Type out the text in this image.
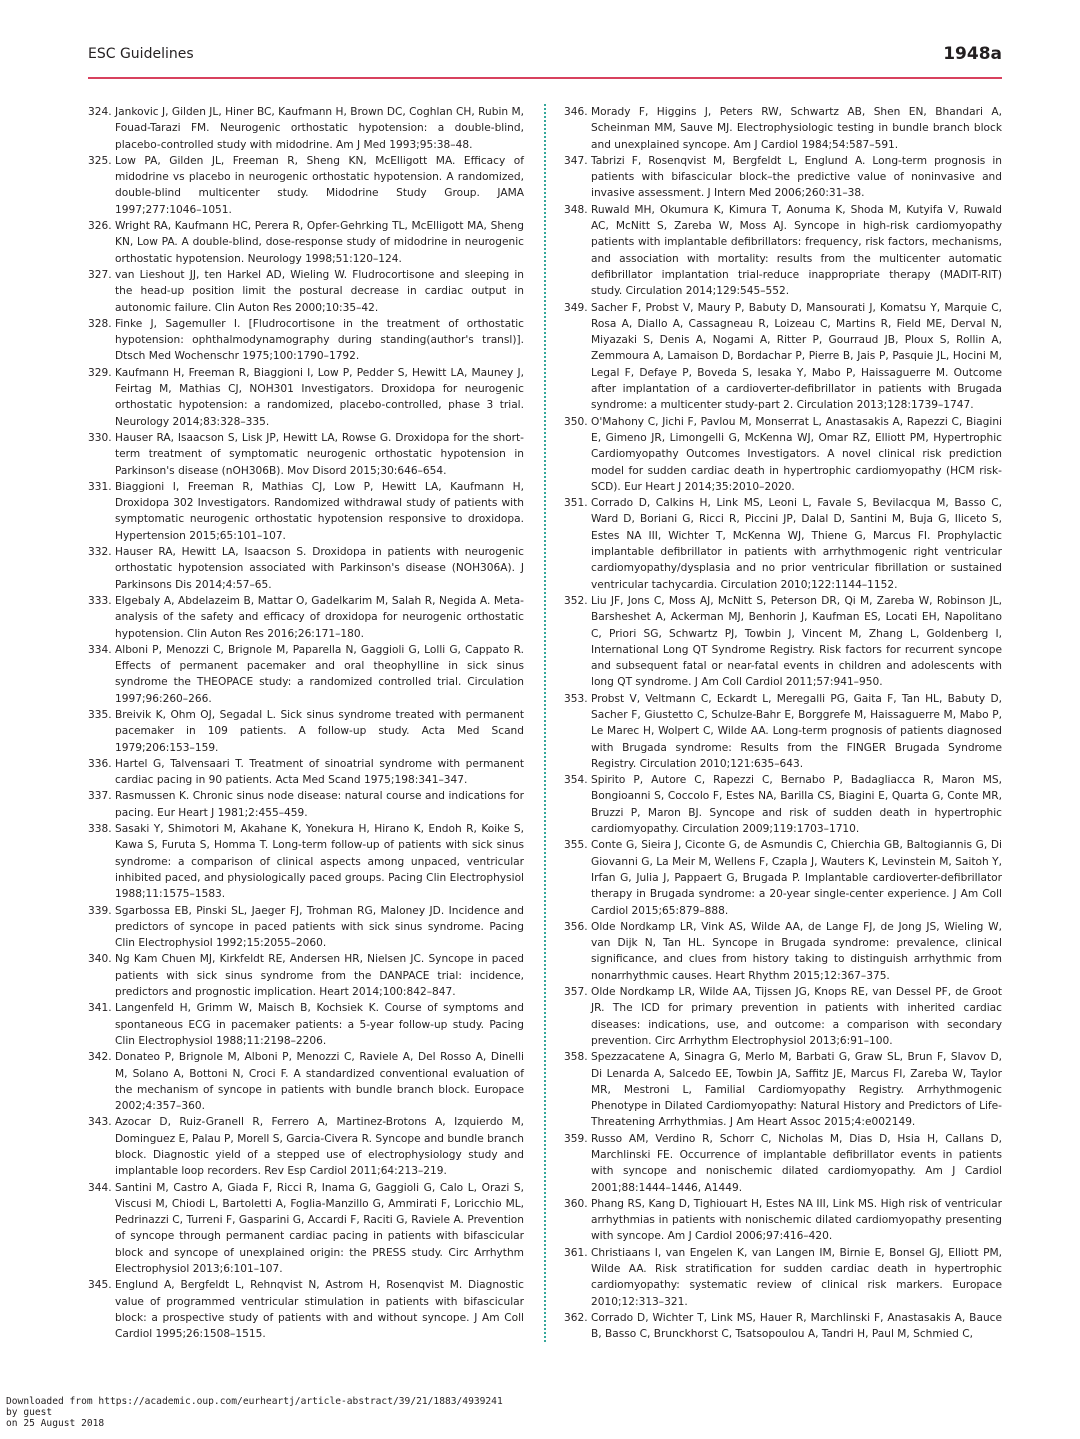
ESC Guidelines	1948a
324. Jankovic J, Gilden JL, Hiner BC, Kaufmann H, Brown DC, Coghlan CH, Rubin M, Fouad-Tarazi FM. Neurogenic orthostatic hypotension: a double-blind, placebo-controlled study with midodrine. Am J Med 1993;95:38–48.
325. Low PA, Gilden JL, Freeman R, Sheng KN, McElligott MA. Efficacy of midodrine vs placebo in neurogenic orthostatic hypotension. A randomized, double-blind multicenter study. Midodrine Study Group. JAMA 1997;277:1046–1051.
326. Wright RA, Kaufmann HC, Perera R, Opfer-Gehrking TL, McElligott MA, Sheng KN, Low PA. A double-blind, dose-response study of midodrine in neurogenic orthostatic hypotension. Neurology 1998;51:120–124.
327. van Lieshout JJ, ten Harkel AD, Wieling W. Fludrocortisone and sleeping in the head-up position limit the postural decrease in cardiac output in autonomic failure. Clin Auton Res 2000;10:35–42.
328. Finke J, Sagemuller I. [Fludrocortisone in the treatment of orthostatic hypotension: ophthalmodynamography during standing(author's transl)]. Dtsch Med Wochenschr 1975;100:1790–1792.
329. Kaufmann H, Freeman R, Biaggioni I, Low P, Pedder S, Hewitt LA, Mauney J, Feirtag M, Mathias CJ, NOH301 Investigators. Droxidopa for neurogenic orthostatic hypotension: a randomized, placebo-controlled, phase 3 trial. Neurology 2014;83:328–335.
330. Hauser RA, Isaacson S, Lisk JP, Hewitt LA, Rowse G. Droxidopa for the short-term treatment of symptomatic neurogenic orthostatic hypotension in Parkinson's disease (nOH306B). Mov Disord 2015;30:646–654.
331. Biaggioni I, Freeman R, Mathias CJ, Low P, Hewitt LA, Kaufmann H, Droxidopa 302 Investigators. Randomized withdrawal study of patients with symptomatic neurogenic orthostatic hypotension responsive to droxidopa. Hypertension 2015;65:101–107.
332. Hauser RA, Hewitt LA, Isaacson S. Droxidopa in patients with neurogenic orthostatic hypotension associated with Parkinson's disease (NOH306A). J Parkinsons Dis 2014;4:57–65.
333. Elgebaly A, Abdelazeim B, Mattar O, Gadelkarim M, Salah R, Negida A. Meta-analysis of the safety and efficacy of droxidopa for neurogenic orthostatic hypotension. Clin Auton Res 2016;26:171–180.
334. Alboni P, Menozzi C, Brignole M, Paparella N, Gaggioli G, Lolli G, Cappato R. Effects of permanent pacemaker and oral theophylline in sick sinus syndrome the THEOPACE study: a randomized controlled trial. Circulation 1997;96:260–266.
335. Breivik K, Ohm OJ, Segadal L. Sick sinus syndrome treated with permanent pacemaker in 109 patients. A follow-up study. Acta Med Scand 1979;206:153–159.
336. Hartel G, Talvensaari T. Treatment of sinoatrial syndrome with permanent cardiac pacing in 90 patients. Acta Med Scand 1975;198:341–347.
337. Rasmussen K. Chronic sinus node disease: natural course and indications for pacing. Eur Heart J 1981;2:455–459.
338. Sasaki Y, Shimotori M, Akahane K, Yonekura H, Hirano K, Endoh R, Koike S, Kawa S, Furuta S, Homma T. Long-term follow-up of patients with sick sinus syndrome: a comparison of clinical aspects among unpaced, ventricular inhibited paced, and physiologically paced groups. Pacing Clin Electrophysiol 1988;11:1575–1583.
339. Sgarbossa EB, Pinski SL, Jaeger FJ, Trohman RG, Maloney JD. Incidence and predictors of syncope in paced patients with sick sinus syndrome. Pacing Clin Electrophysiol 1992;15:2055–2060.
340. Ng Kam Chuen MJ, Kirkfeldt RE, Andersen HR, Nielsen JC. Syncope in paced patients with sick sinus syndrome from the DANPACE trial: incidence, predictors and prognostic implication. Heart 2014;100:842–847.
341. Langenfeld H, Grimm W, Maisch B, Kochsiek K. Course of symptoms and spontaneous ECG in pacemaker patients: a 5-year follow-up study. Pacing Clin Electrophysiol 1988;11:2198–2206.
342. Donateo P, Brignole M, Alboni P, Menozzi C, Raviele A, Del Rosso A, Dinelli M, Solano A, Bottoni N, Croci F. A standardized conventional evaluation of the mechanism of syncope in patients with bundle branch block. Europace 2002;4:357–360.
343. Azocar D, Ruiz-Granell R, Ferrero A, Martinez-Brotons A, Izquierdo M, Dominguez E, Palau P, Morell S, Garcia-Civera R. Syncope and bundle branch block. Diagnostic yield of a stepped use of electrophysiology study and implantable loop recorders. Rev Esp Cardiol 2011;64:213–219.
344. Santini M, Castro A, Giada F, Ricci R, Inama G, Gaggioli G, Calo L, Orazi S, Viscusi M, Chiodi L, Bartoletti A, Foglia-Manzillo G, Ammirati F, Loricchio ML, Pedrinazzi C, Turreni F, Gasparini G, Accardi F, Raciti G, Raviele A. Prevention of syncope through permanent cardiac pacing in patients with bifascicular block and syncope of unexplained origin: the PRESS study. Circ Arrhythm Electrophysiol 2013;6:101–107.
345. Englund A, Bergfeldt L, Rehnqvist N, Astrom H, Rosenqvist M. Diagnostic value of programmed ventricular stimulation in patients with bifascicular block: a prospective study of patients with and without syncope. J Am Coll Cardiol 1995;26:1508–1515.
346. Morady F, Higgins J, Peters RW, Schwartz AB, Shen EN, Bhandari A, Scheinman MM, Sauve MJ. Electrophysiologic testing in bundle branch block and unexplained syncope. Am J Cardiol 1984;54:587–591.
347. Tabrizi F, Rosenqvist M, Bergfeldt L, Englund A. Long-term prognosis in patients with bifascicular block–the predictive value of noninvasive and invasive assessment. J Intern Med 2006;260:31–38.
348. Ruwald MH, Okumura K, Kimura T, Aonuma K, Shoda M, Kutyifa V, Ruwald AC, McNitt S, Zareba W, Moss AJ. Syncope in high-risk cardiomyopathy patients with implantable defibrillators: frequency, risk factors, mechanisms, and association with mortality: results from the multicenter automatic defibrillator implantation trial-reduce inappropriate therapy (MADIT-RIT) study. Circulation 2014;129:545–552.
349. Sacher F, Probst V, Maury P, Babuty D, Mansourati J, Komatsu Y, Marquie C, Rosa A, Diallo A, Cassagneau R, Loizeau C, Martins R, Field ME, Derval N, Miyazaki S, Denis A, Nogami A, Ritter P, Gourraud JB, Ploux S, Rollin A, Zemmoura A, Lamaison D, Bordachar P, Pierre B, Jais P, Pasquie JL, Hocini M, Legal F, Defaye P, Boveda S, Iesaka Y, Mabo P, Haissaguerre M. Outcome after implantation of a cardioverter-defibrillator in patients with Brugada syndrome: a multicenter study-part 2. Circulation 2013;128:1739–1747.
350. O'Mahony C, Jichi F, Pavlou M, Monserrat L, Anastasakis A, Rapezzi C, Biagini E, Gimeno JR, Limongelli G, McKenna WJ, Omar RZ, Elliott PM, Hypertrophic Cardiomyopathy Outcomes Investigators. A novel clinical risk prediction model for sudden cardiac death in hypertrophic cardiomyopathy (HCM risk-SCD). Eur Heart J 2014;35:2010–2020.
351. Corrado D, Calkins H, Link MS, Leoni L, Favale S, Bevilacqua M, Basso C, Ward D, Boriani G, Ricci R, Piccini JP, Dalal D, Santini M, Buja G, Iliceto S, Estes NA III, Wichter T, McKenna WJ, Thiene G, Marcus FI. Prophylactic implantable defibrillator in patients with arrhythmogenic right ventricular cardiomyopathy/dysplasia and no prior ventricular fibrillation or sustained ventricular tachycardia. Circulation 2010;122:1144–1152.
352. Liu JF, Jons C, Moss AJ, McNitt S, Peterson DR, Qi M, Zareba W, Robinson JL, Barsheshet A, Ackerman MJ, Benhorin J, Kaufman ES, Locati EH, Napolitano C, Priori SG, Schwartz PJ, Towbin J, Vincent M, Zhang L, Goldenberg I, International Long QT Syndrome Registry. Risk factors for recurrent syncope and subsequent fatal or near-fatal events in children and adolescents with long QT syndrome. J Am Coll Cardiol 2011;57:941–950.
353. Probst V, Veltmann C, Eckardt L, Meregalli PG, Gaita F, Tan HL, Babuty D, Sacher F, Giustetto C, Schulze-Bahr E, Borggrefe M, Haissaguerre M, Mabo P, Le Marec H, Wolpert C, Wilde AA. Long-term prognosis of patients diagnosed with Brugada syndrome: Results from the FINGER Brugada Syndrome Registry. Circulation 2010;121:635–643.
354. Spirito P, Autore C, Rapezzi C, Bernabo P, Badagliacca R, Maron MS, Bongioanni S, Coccolo F, Estes NA, Barilla CS, Biagini E, Quarta G, Conte MR, Bruzzi P, Maron BJ. Syncope and risk of sudden death in hypertrophic cardiomyopathy. Circulation 2009;119:1703–1710.
355. Conte G, Sieira J, Ciconte G, de Asmundis C, Chierchia GB, Baltogiannis G, Di Giovanni G, La Meir M, Wellens F, Czapla J, Wauters K, Levinstein M, Saitoh Y, Irfan G, Julia J, Pappaert G, Brugada P. Implantable cardioverter-defibrillator therapy in Brugada syndrome: a 20-year single-center experience. J Am Coll Cardiol 2015;65:879–888.
356. Olde Nordkamp LR, Vink AS, Wilde AA, de Lange FJ, de Jong JS, Wieling W, van Dijk N, Tan HL. Syncope in Brugada syndrome: prevalence, clinical significance, and clues from history taking to distinguish arrhythmic from nonarrhythmic causes. Heart Rhythm 2015;12:367–375.
357. Olde Nordkamp LR, Wilde AA, Tijssen JG, Knops RE, van Dessel PF, de Groot JR. The ICD for primary prevention in patients with inherited cardiac diseases: indications, use, and outcome: a comparison with secondary prevention. Circ Arrhythm Electrophysiol 2013;6:91–100.
358. Spezzacatene A, Sinagra G, Merlo M, Barbati G, Graw SL, Brun F, Slavov D, Di Lenarda A, Salcedo EE, Towbin JA, Saffitz JE, Marcus FI, Zareba W, Taylor MR, Mestroni L, Familial Cardiomyopathy Registry. Arrhythmogenic Phenotype in Dilated Cardiomyopathy: Natural History and Predictors of Life-Threatening Arrhythmias. J Am Heart Assoc 2015;4:e002149.
359. Russo AM, Verdino R, Schorr C, Nicholas M, Dias D, Hsia H, Callans D, Marchlinski FE. Occurrence of implantable defibrillator events in patients with syncope and nonischemic dilated cardiomyopathy. Am J Cardiol 2001;88:1444–1446, A1449.
360. Phang RS, Kang D, Tighiouart H, Estes NA III, Link MS. High risk of ventricular arrhythmias in patients with nonischemic dilated cardiomyopathy presenting with syncope. Am J Cardiol 2006;97:416–420.
361. Christiaans I, van Engelen K, van Langen IM, Birnie E, Bonsel GJ, Elliott PM, Wilde AA. Risk stratification for sudden cardiac death in hypertrophic cardiomyopathy: systematic review of clinical risk markers. Europace 2010;12:313–321.
362. Corrado D, Wichter T, Link MS, Hauer R, Marchlinski F, Anastasakis A, Bauce B, Basso C, Brunckhorst C, Tsatsopoulou A, Tandri H, Paul M, Schmied C,
Downloaded from https://academic.oup.com/eurheartj/article-abstract/39/21/1883/4939241
by guest
on 25 August 2018
